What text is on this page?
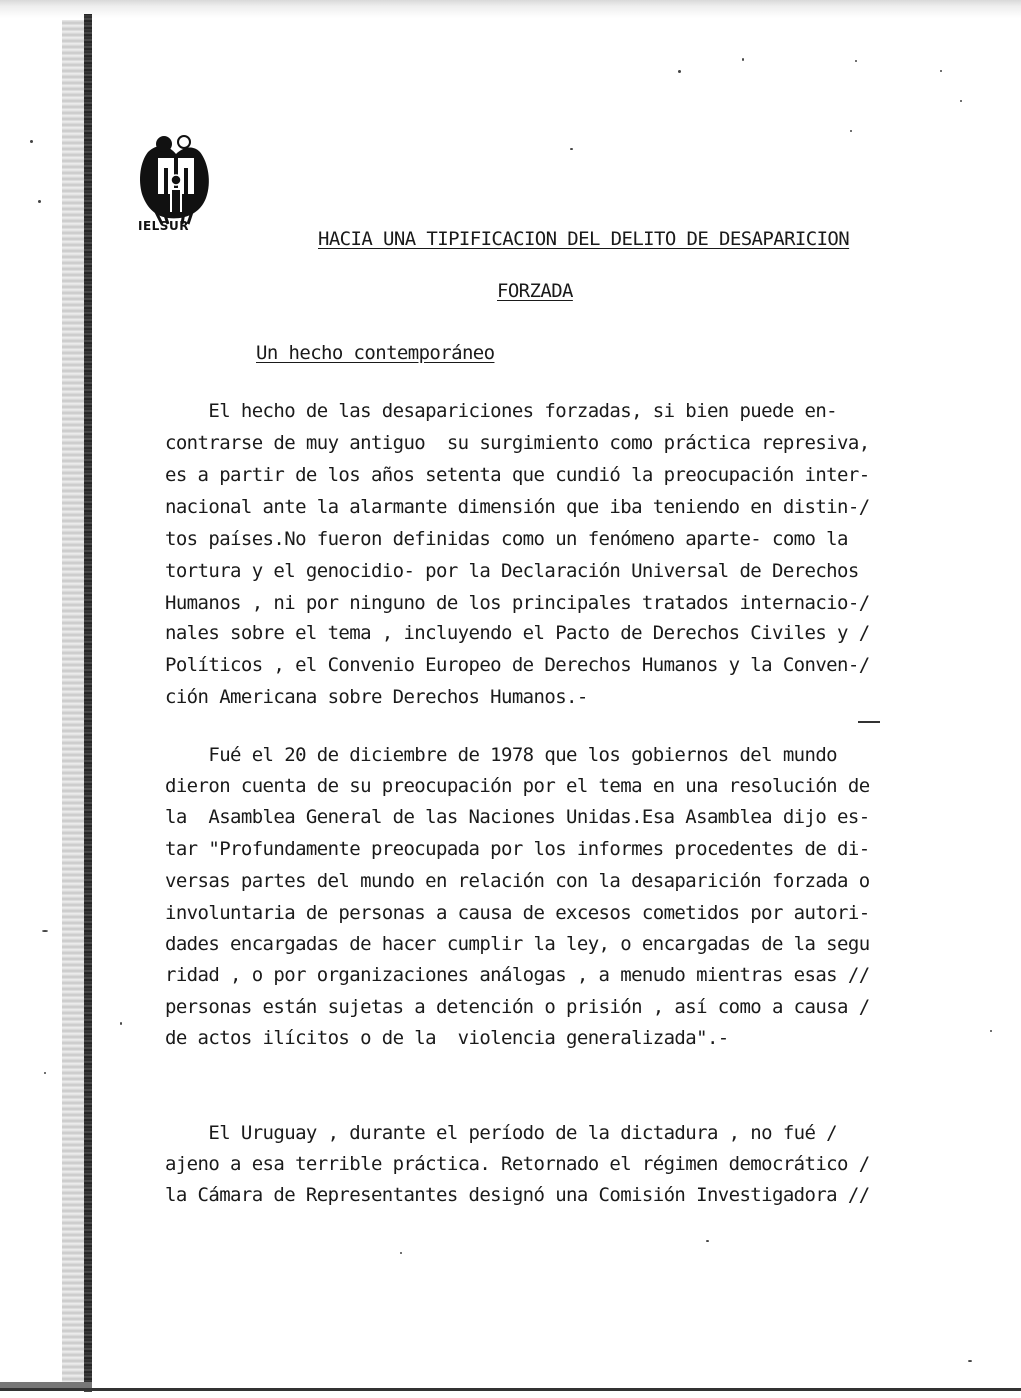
IELSUR
HACIA UNA TIPIFICACION DEL DELITO DE DESAPARICION
FORZADA
Un hecho contemporáneo
El hecho de las desapariciones forzadas, si bien puede en-
contrarse de muy antiguo  su surgimiento como práctica represiva,
es a partir de los años setenta que cundió la preocupación inter-
nacional ante la alarmante dimensión que iba teniendo en distin-/
tos países.No fueron definidas como un fenómeno aparte- como la
tortura y el genocidio- por la Declaración Universal de Derechos
Humanos , ni por ninguno de los principales tratados internacio-/
nales sobre el tema , incluyendo el Pacto de Derechos Civiles y /
Políticos , el Convenio Europeo de Derechos Humanos y la Conven-/
ción Americana sobre Derechos Humanos.-
Fué el 20 de diciembre de 1978 que los gobiernos del mundo
dieron cuenta de su preocupación por el tema en una resolución de
la  Asamblea General de las Naciones Unidas.Esa Asamblea dijo es-
tar "Profundamente preocupada por los informes procedentes de di-
versas partes del mundo en relación con la desaparición forzada o
involuntaria de personas a causa de excesos cometidos por autori-
dades encargadas de hacer cumplir la ley, o encargadas de la segu
ridad , o por organizaciones análogas , a menudo mientras esas //
personas están sujetas a detención o prisión , así como a causa /
de actos ilícitos o de la  violencia generalizada".-
El Uruguay , durante el período de la dictadura , no fué /
ajeno a esa terrible práctica. Retornado el régimen democrático /
la Cámara de Representantes designó una Comisión Investigadora //
